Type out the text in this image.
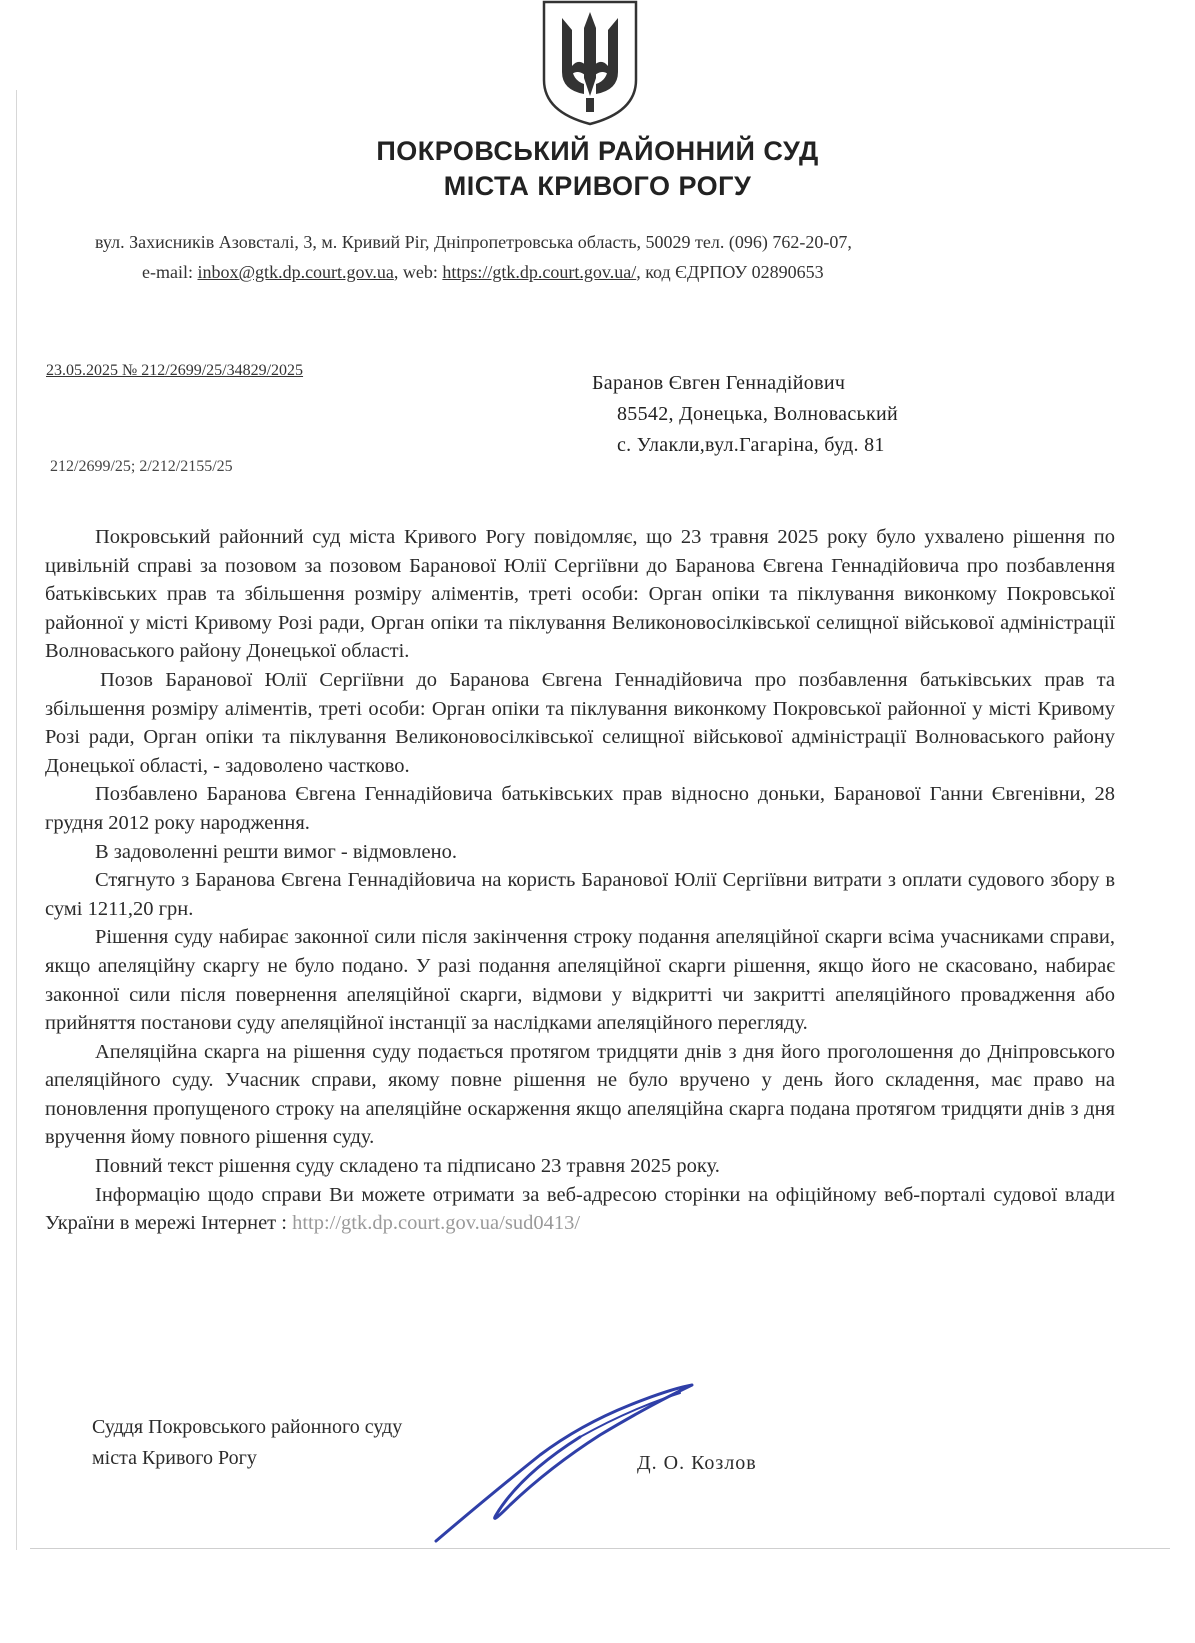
ПОКРОВСЬКИЙ РАЙОННИЙ СУД
МІСТА КРИВОГО РОГУ
вул. Захисників Азовсталі, 3, м. Кривий Ріг, Дніпропетровська область, 50029 тел. (096) 762-20-07,
e-mail: inbox@gtk.dp.court.gov.ua, web: https://gtk.dp.court.gov.ua/, код ЄДРПОУ 02890653
23.05.2025 № 212/2699/25/34829/2025
212/2699/25; 2/212/2155/25
Баранов Євген Геннадійович
85542, Донецька, Волноваський
с. Улакли,вул.Гагаріна, буд. 81

Покровський районний суд міста Кривого Рогу повідомляє, що 23 травня 2025 року було ухвалено рішення по цивільній справі за позовом за позовом Баранової Юлії Сергіївни до Баранова Євгена Геннадійовича про позбавлення батьківських прав та збільшення розміру аліментів, треті особи: Орган опіки та піклування виконкому Покровської районної у місті Кривому Розі ради, Орган опіки та піклування Великоновосілківської селищної військової адміністрації Волноваського району Донецької області.

Позов Баранової Юлії Сергіївни до Баранова Євгена Геннадійовича про позбавлення батьківських прав та збільшення розміру аліментів, треті особи: Орган опіки та піклування виконкому Покровської районної у місті Кривому Розі ради, Орган опіки та піклування Великоновосілківської селищної військової адміністрації Волноваського району Донецької області, - задоволено частково.

Позбавлено Баранова Євгена Геннадійовича батьківських прав відносно доньки, Баранової Ганни Євгенівни, 28 грудня 2012 року народження.

В задоволенні решти вимог - відмовлено.

Стягнуто з Баранова Євгена Геннадійовича на користь Баранової Юлії Сергіївни витрати з оплати судового збору в сумі 1211,20 грн.

Рішення суду набирає законної сили після закінчення строку подання апеляційної скарги всіма учасниками справи, якщо апеляційну скаргу не було подано. У разі подання апеляційної скарги рішення, якщо його не скасовано, набирає законної сили після повернення апеляційної скарги, відмови у відкритті чи закритті апеляційного провадження або прийняття постанови суду апеляційної інстанції за наслідками апеляційного перегляду.

Апеляційна скарга на рішення суду подається протягом тридцяти днів з дня його проголошення до Дніпровського апеляційного суду. Учасник справи, якому повне рішення не було вручено у день його складення, має право на поновлення пропущеного строку на апеляційне оскарження якщо апеляційна скарга подана протягом тридцяти днів з дня вручення йому повного рішення суду.

Повний текст рішення суду складено та підписано 23 травня 2025 року.

Інформацію щодо справи Ви можете отримати за веб-адресою сторінки на офіційному веб-порталі судової влади України в мережі Інтернет : http://gtk.dp.court.gov.ua/sud0413/

Суддя Покровського районного суду
міста Кривого Рогу	Д. О. Козлов
